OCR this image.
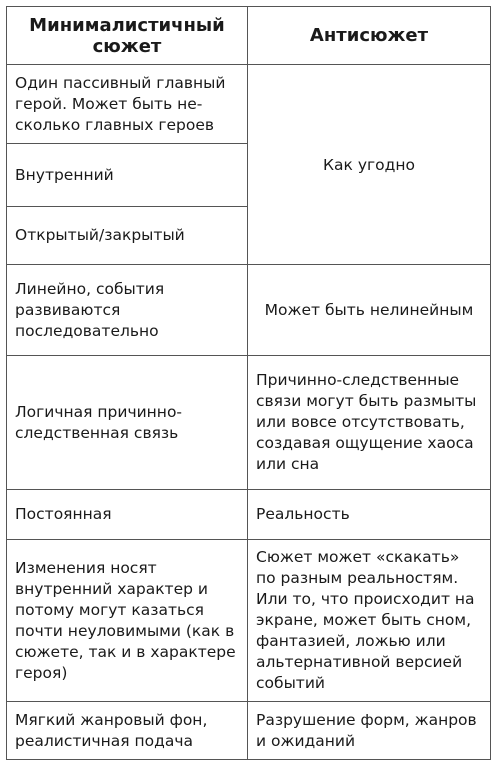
Минималистичный сюжет	Антисюжет
Один пассивный главный герой. Может быть не-сколько главных героев	Как угодно
Внутренний	
Открытый/закрытый	
Линейно, события развиваются последовательно	Может быть нелинейным
Логичная причинно-следственная связь	Причинно-следственные связи могут быть размыты или вовсе отсутствовать, создавая ощущение хаоса или сна
Постоянная	Реальность
Изменения носят внутренний характер и потому могут казаться почти неуловимыми (как в сюжете, так и в характере героя)	Сюжет может «скакать» по разным реальностям. Или то, что происходит на экране, может быть сном, фантазией, ложью или альтернативной версией событий
Мягкий жанровый фон, реалистичная подача	Разрушение форм, жанров и ожиданий
